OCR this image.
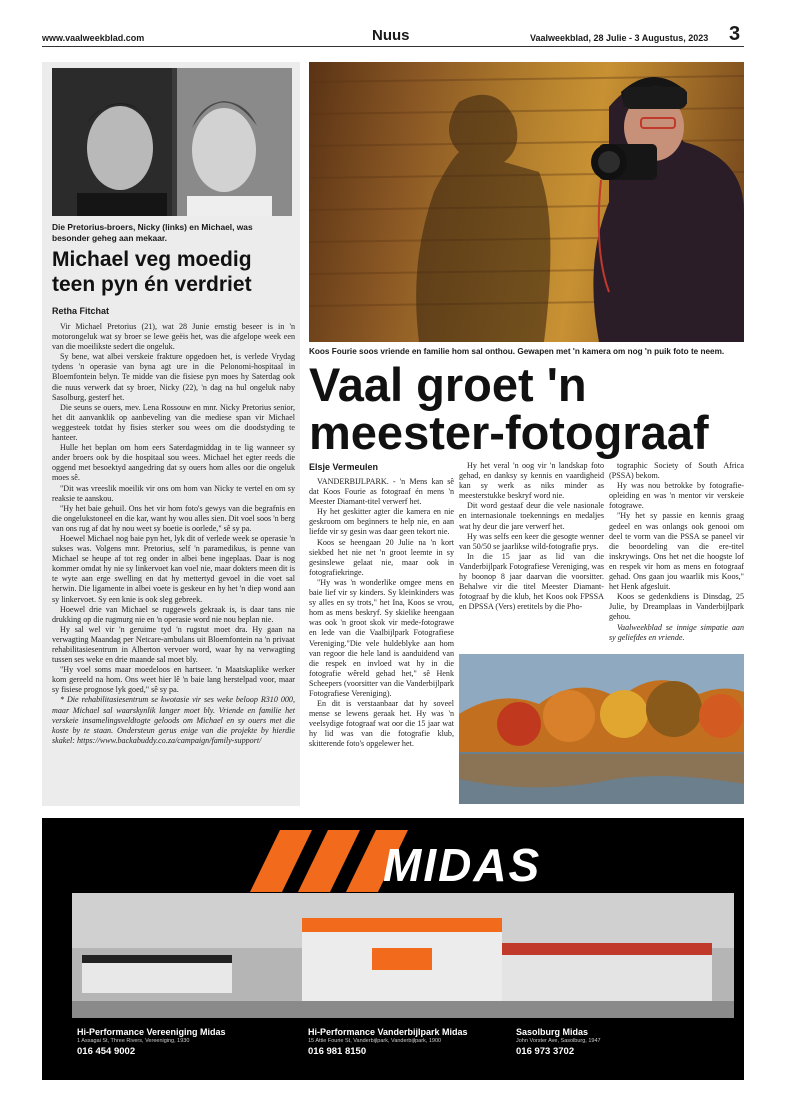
www.vaalweekblad.com	Nuus	Vaalweekblad, 28 Julie - 3 Augustus, 2023 3
Die Pretorius-broers, Nicky (links) en Michael, was besonder geheg aan mekaar.
Michael veg moedig teen pyn én verdriet
Retha Fitchat

Vir Michael Pretorius (21), wat 28 Junie ernstig beseer is in 'n motorongeluk wat sy broer se lewe geëis het, was die afgelope week een van die moeilikste sedert die ongeluk.

Sy bene, wat albei verskeie frakture opgedoen het, is verlede Vrydag tydens 'n operasie van byna agt ure in die Pelonomi-hospitaal in Bloemfontein belyn. Te midde van die fisiese pyn moes hy Saterdag ook die nuus verwerk dat sy broer, Nicky (22), 'n dag na hul ongeluk naby Sasolburg, gesterf het.

Die seuns se ouers, mev. Lena Rossouw en mnr. Nicky Pretorius senior, het dit aanvanklik op aanbeveling van die mediese span vir Michael weggesteek totdat hy fisies sterker sou wees om die doodstyding te hanteer.

Hulle het beplan om hom eers Saterdagmiddag in te lig wanneer sy ander broers ook by die hospitaal sou wees. Michael het egter reeds die oggend met besoektyd aangedring dat sy ouers hom alles oor die ongeluk moes sê.

"Dit was vreeslik moeilik vir ons om hom van Nicky te vertel en om sy reaksie te aanskou.

"Hy het baie gehuil. Ons het vir hom foto's gewys van die begrafnis en die ongelukstoneel en die kar, want hy wou alles sien. Dit voel soos 'n berg van ons rug af dat hy nou weet sy boetie is oorlede," sê sy pa.

Hoewel Michael nog baie pyn het, lyk dit of verlede week se operasie 'n sukses was. Volgens mnr. Pretorius, self 'n paramedikus, is penne van Michael se heupe af tot reg onder in albei bene ingeplaas. Daar is nog kommer omdat hy nie sy linkervoet kan voel nie, maar dokters meen dit is te wyte aan erge swelling en dat hy mettertyd gevoel in die voet sal herwin. Die ligamente in albei voete is geskeur en hy het 'n diep wond aan sy linkervoet. Sy een knie is ook sleg gebreek.

Hoewel drie van Michael se ruggewels gekraak is, is daar tans nie drukking op die rugmurg nie en 'n operasie word nie nou beplan nie.

Hy sal wel vir 'n geruime tyd 'n rugstut moet dra. Hy gaan na verwagting Maandag per Netcare-ambulans uit Bloemfontein na 'n privaat rehabilitasiesentrum in Alberton vervoer word, waar hy na verwagting tussen ses weke en drie maande sal moet bly.

"Hy voel soms maar moedeloos en hartseer. 'n Maatskaplike werker kom gereeld na hom. Ons weet hier lê 'n baie lang herstelpad voor, maar sy fisiese prognose lyk goed," sê sy pa.

* Die rehabilitasiesentrum se kwotasie vir ses weke beloop R310 000, maar Michael sal waarskynlik langer moet bly. Vriende en familie het verskeie insamelingsveldtogte geloods om Michael en sy ouers met die koste by te staan. Ondersteun gerus enige van die projekte by hierdie skakel: https://www.backabuddy.co.za/campaign/family-support/

Koos Fourie soos vriende en familie hom sal onthou. Gewapen met 'n kamera om nog 'n puik foto te neem.
Vaal groet 'n meester-fotograaf
Elsje Vermeulen

VANDERBIJLPARK. - 'n Mens kan sê dat Koos Fourie as fotograaf én mens 'n Meester Diamant-titel verwerf het.

Hy het geskitter agter die kamera en nie geskroom om beginners te help nie, en aan liefde vir sy gesin was daar geen tekort nie.

Koos se heengaan 20 Julie na 'n kort siekbed het nie net 'n groot leemte in sy gesinslewe gelaat nie, maar ook in fotografiekringe.

"Hy was 'n wonderlike omgee mens en baie lief vir sy kinders. Sy kleinkinders was sy alles en sy trots," het Ina, Koos se vrou, hom as mens beskryf. Sy skielike heengaan was ook 'n groot skok vir mede-fotograwe en lede van die Vaalbijlpark Fotografiese Vereniging."Die vele huldeblyke aan hom van regoor die hele land is aanduidend van die respek en invloed wat hy in die fotografie wêreld gehad het," sê Henk Scheepers (voorsitter van die Vanderbijlpark Fotografiese Vereniging).

En dit is verstaanbaar dat hy soveel mense se lewens geraak het. Hy was 'n veelsydige fotograaf wat oor die 15 jaar wat hy lid was van die fotografie klub, skitterende foto's opgelewer het.

Hy het veral 'n oog vir 'n landskap foto gehad, en danksy sy kennis en vaardigheid kan sy werk as niks minder as meesterstukke beskryf word nie.

Dit word gestaaf deur die vele nasionale en internasionale toekennings en medaljes wat hy deur die jare verwerf het.

Hy was selfs een keer die gesogte wenner van 50/50 se jaarlikse wild-fotografie prys.

In die 15 jaar as lid van die Vanderbijlpark Fotografiese Vereniging, was hy boonop 8 jaar daarvan die voorsitter. Behalwe vir die titel Meester Diamant-fotograaf by die klub, het Koos ook FPSSA en DPSSA (Vers) eretitels by die Pho-

tographic Society of South Africa (PSSA) bekom.

Hy was nou betrokke by fotografie-opleiding en was 'n mentor vir verskeie fotograwe.

"Hy het sy passie en kennis graag gedeel en was onlangs ook genooi om deel te vorm van die PSSA se paneel vir die beoordeling van die ere-titel inskrywings. Ons het net die hoogste lof en respek vir hom as mens en fotograaf gehad. Ons gaan jou waarlik mis Koos," het Henk afgesluit.

Koos se gedenkdiens is Dinsdag, 25 Julie, by Dreamplaas in Vanderbijlpark gehou.

Vaalweekblad se innige simpatie aan sy geliefdes en vriende.

MIDAS
Hi-Performance Vereeniging Midas
1 Assagai St, Three Rivers, Vereeniging, 1930
016 454 9002
Hi-Performance Vanderbijlpark Midas
15 Attie Fourie St, Vanderbijlpark, Vanderbijlpark, 1900
016 981 8150
Sasolburg Midas
John Vorster Ave, Sasolburg, 1947
016 973 3702
